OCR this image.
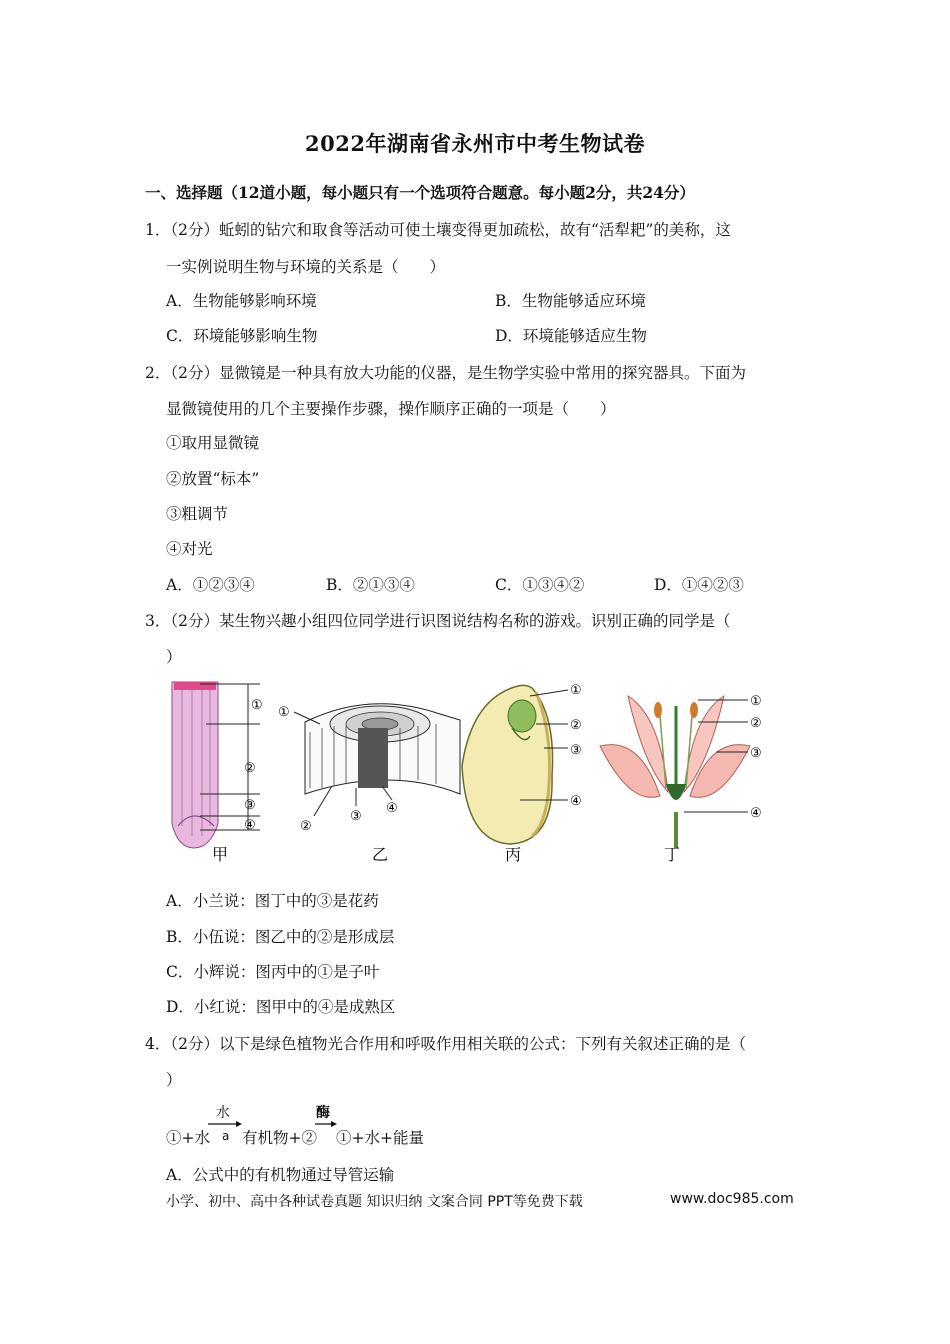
2022年湖南省永州市中考生物试卷
一、选择题（12道小题，每小题只有一个选项符合题意。每小题2分，共24分）
1．（2分）蚯蚓的钻穴和取食等活动可使土壤变得更加疏松，故有“活犁耙”的美称，这
一实例说明生物与环境的关系是（　　）
A．生物能够影响环境	B．生物能够适应环境
C．环境能够影响生物	D．环境能够适应生物
2．（2分）显微镜是一种具有放大功能的仪器，是生物学实验中常用的探究器具。下面为
显微镜使用的几个主要操作步骤，操作顺序正确的一项是（　　）
①取用显微镜
②放置“标本”
③粗调节
④对光
A．①②③④	B．②①③④	C．①③④②	D．①④②③
3．（2分）某生物兴趣小组四位同学进行识图说结构名称的游戏。识别正确的同学是（
）
①
②
③
④
甲
①
②
③
④
乙
①
②
③
④
丙
①
②
③
④
丁
A．小兰说：图丁中的③是花药
B．小伍说：图乙中的②是形成层
C．小辉说：图丙中的①是子叶
D．小红说：图甲中的④是成熟区
4．（2分）以下是绿色植物光合作用和呼吸作用相关联的公式：下列有关叙述正确的是（
）
①+水
水
a 有机物+②
酶
①+水+能量
A．公式中的有机物通过导管运输
小学、初中、高中各种试卷真题 知识归纳 文案合同 PPT等免费下载	www.doc985.com
